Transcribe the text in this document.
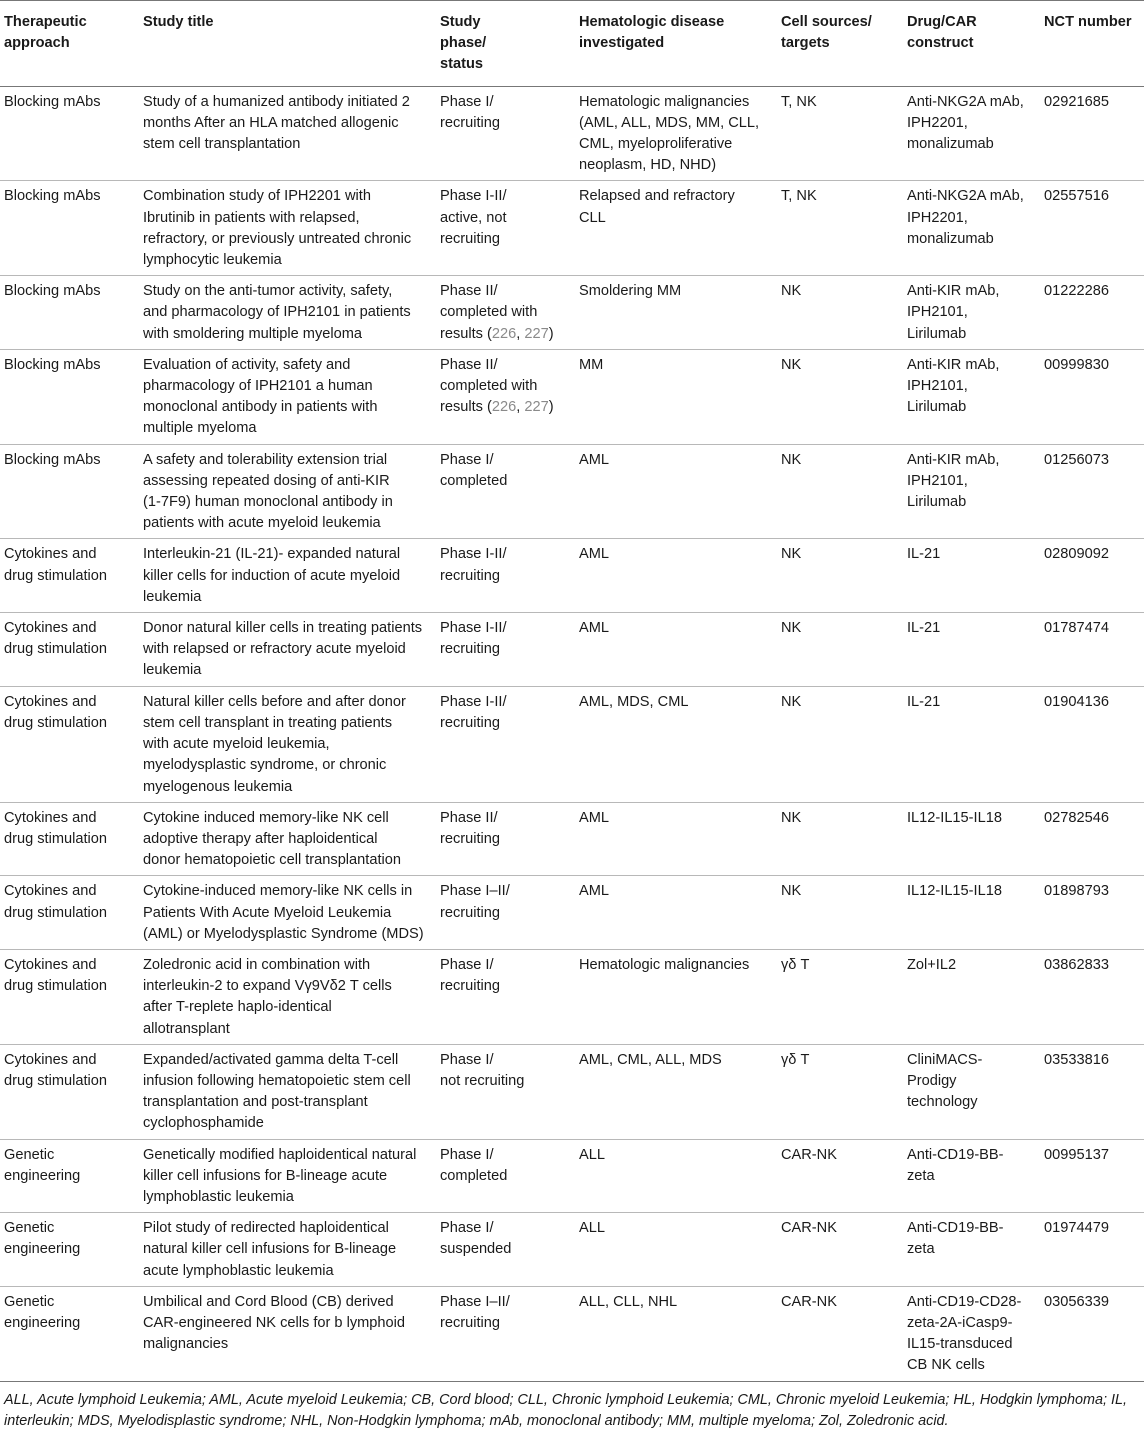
Therapeutic
approach	Study title	Study
phase/
status	Hematologic disease
investigated	Cell sources/
targets	Drug/CAR
construct	NCT number
Blocking mAbs	Study of a humanized antibody initiated 2
months After an HLA matched allogenic
stem cell transplantation	Phase I/
recruiting	Hematologic malignancies
(AML, ALL, MDS, MM, CLL,
CML, myeloproliferative
neoplasm, HD, NHD)	T, NK	Anti-NKG2A mAb,
IPH2201,
monalizumab	02921685
Blocking mAbs	Combination study of IPH2201 with
Ibrutinib in patients with relapsed,
refractory, or previously untreated chronic
lymphocytic leukemia	Phase I-II/
active, not
recruiting	Relapsed and refractory
CLL	T, NK	Anti-NKG2A mAb,
IPH2201,
monalizumab	02557516
Blocking mAbs	Study on the anti-tumor activity, safety,
and pharmacology of IPH2101 in patients
with smoldering multiple myeloma	Phase II/
completed with
results (226, 227)	Smoldering MM	NK	Anti-KIR mAb,
IPH2101,
Lirilumab	01222286
Blocking mAbs	Evaluation of activity, safety and
pharmacology of IPH2101 a human
monoclonal antibody in patients with
multiple myeloma	Phase II/
completed with
results (226, 227)	MM	NK	Anti-KIR mAb,
IPH2101,
Lirilumab	00999830
Blocking mAbs	A safety and tolerability extension trial
assessing repeated dosing of anti-KIR
(1-7F9) human monoclonal antibody in
patients with acute myeloid leukemia	Phase I/
completed	AML	NK	Anti-KIR mAb,
IPH2101,
Lirilumab	01256073
Cytokines and
drug stimulation	Interleukin-21 (IL-21)- expanded natural
killer cells for induction of acute myeloid
leukemia	Phase I-II/
recruiting	AML	NK	IL-21	02809092
Cytokines and
drug stimulation	Donor natural killer cells in treating patients
with relapsed or refractory acute myeloid
leukemia	Phase I-II/
recruiting	AML	NK	IL-21	01787474
Cytokines and
drug stimulation	Natural killer cells before and after donor
stem cell transplant in treating patients
with acute myeloid leukemia,
myelodysplastic syndrome, or chronic
myelogenous leukemia	Phase I-II/
recruiting	AML, MDS, CML	NK	IL-21	01904136
Cytokines and
drug stimulation	Cytokine induced memory-like NK cell
adoptive therapy after haploidentical
donor hematopoietic cell transplantation	Phase II/
recruiting	AML	NK	IL12-IL15-IL18	02782546
Cytokines and
drug stimulation	Cytokine-induced memory-like NK cells in
Patients With Acute Myeloid Leukemia
(AML) or Myelodysplastic Syndrome (MDS)	Phase I–II/
recruiting	AML	NK	IL12-IL15-IL18	01898793
Cytokines and
drug stimulation	Zoledronic acid in combination with
interleukin-2 to expand Vγ9Vδ2 T cells
after T-replete haplo-identical
allotransplant	Phase I/
recruiting	Hematologic malignancies	γδ T	Zol+IL2	03862833
Cytokines and
drug stimulation	Expanded/activated gamma delta T-cell
infusion following hematopoietic stem cell
transplantation and post-transplant
cyclophosphamide	Phase I/
not recruiting	AML, CML, ALL, MDS	γδ T	CliniMACS-
Prodigy
technology	03533816
Genetic
engineering	Genetically modified haploidentical natural
killer cell infusions for B-lineage acute
lymphoblastic leukemia	Phase I/
completed	ALL	CAR-NK	Anti-CD19-BB-
zeta	00995137
Genetic
engineering	Pilot study of redirected haploidentical
natural killer cell infusions for B-lineage
acute lymphoblastic leukemia	Phase I/
suspended	ALL	CAR-NK	Anti-CD19-BB-
zeta	01974479
Genetic
engineering	Umbilical and Cord Blood (CB) derived
CAR-engineered NK cells for b lymphoid
malignancies	Phase I–II/
recruiting	ALL, CLL, NHL	CAR-NK	Anti-CD19-CD28-
zeta-2A-iCasp9-
IL15-transduced
CB NK cells	03056339
ALL, Acute lymphoid Leukemia; AML, Acute myeloid Leukemia; CB, Cord blood; CLL, Chronic lymphoid Leukemia; CML, Chronic myeloid Leukemia; HL, Hodgkin lymphoma; IL, interleukin; MDS, Myelodisplastic syndrome; NHL, Non-Hodgkin lymphoma; mAb, monoclonal antibody; MM, multiple myeloma; Zol, Zoledronic acid.
